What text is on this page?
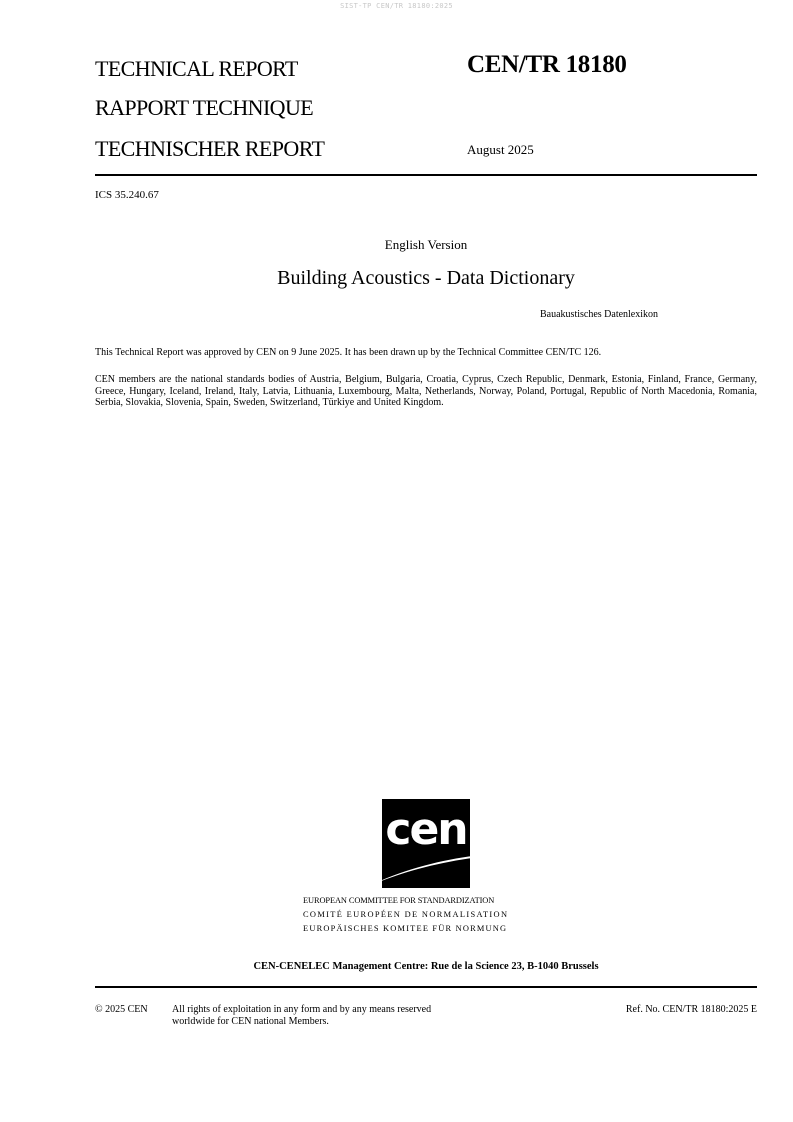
SIST-TP CEN/TR 18180:2025
TECHNICAL REPORT
RAPPORT TECHNIQUE
TECHNISCHER REPORT
CEN/TR 18180
August 2025
ICS 35.240.67
English Version
Building Acoustics - Data Dictionary
Bauakustisches Datenlexikon
This Technical Report was approved by CEN on 9 June 2025. It has been drawn up by the Technical Committee CEN/TC 126.
CEN members are the national standards bodies of Austria, Belgium, Bulgaria, Croatia, Cyprus, Czech Republic, Denmark, Estonia, Finland, France, Germany, Greece, Hungary, Iceland, Ireland, Italy, Latvia, Lithuania, Luxembourg, Malta, Netherlands, Norway, Poland, Portugal, Republic of North Macedonia, Romania, Serbia, Slovakia, Slovenia, Spain, Sweden, Switzerland, Türkiye and United Kingdom.
cen
EUROPEAN COMMITTEE FOR STANDARDIZATION
COMITÉ EUROPÉEN DE NORMALISATION
EUROPÄISCHES KOMITEE FÜR NORMUNG
CEN-CENELEC Management Centre: Rue de la Science 23, B-1040 Brussels
© 2025 CEN All rights of exploitation in any form and by any means reserved
worldwide for CEN national Members.
Ref. No. CEN/TR 18180:2025 E
